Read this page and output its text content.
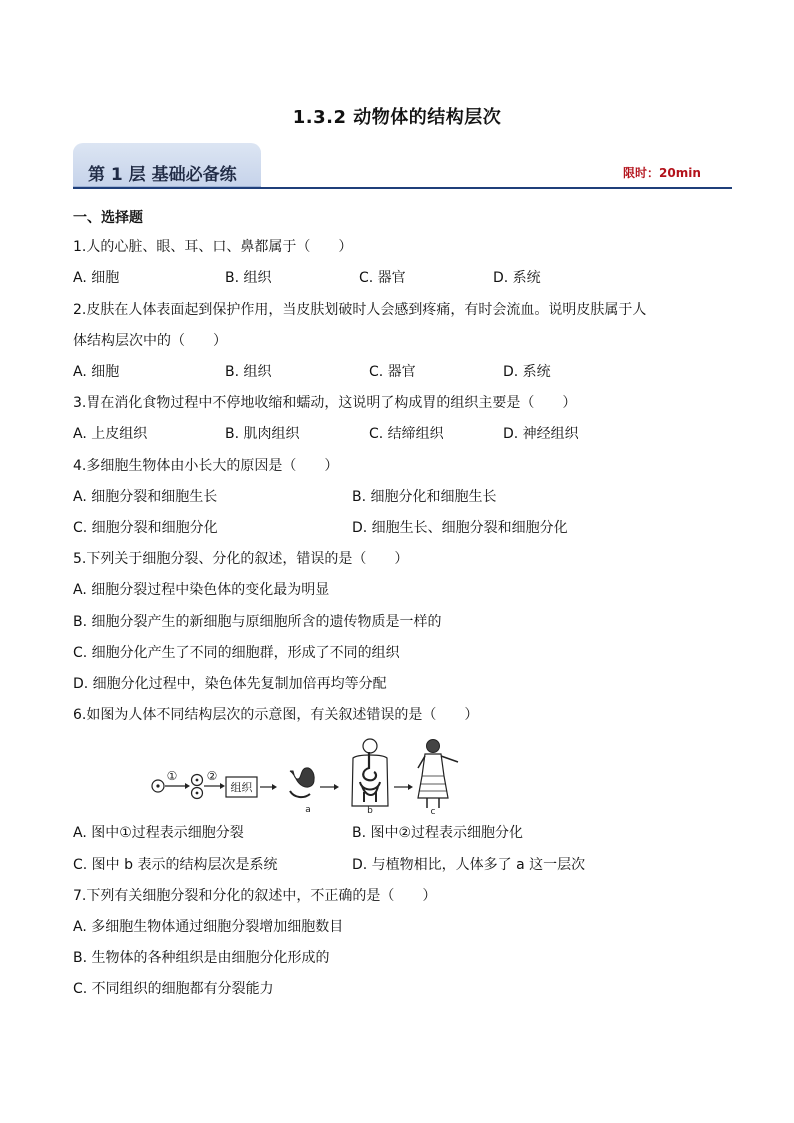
1.3.2 动物体的结构层次
第 1 层 基础必备练	限时：20min
一、选择题
1.人的心脏、眼、耳、口、鼻都属于（　　）
A. 细胞	B. 组织	C. 器官	D. 系统
2.皮肤在人体表面起到保护作用，当皮肤划破时人会感到疼痛，有时会流血。说明皮肤属于人
体结构层次中的（　　）
A. 细胞	B. 组织	C. 器官	D. 系统
3.胃在消化食物过程中不停地收缩和蠕动，这说明了构成胃的组织主要是（　　）
A. 上皮组织	B. 肌肉组织	C. 结缔组织	D. 神经组织
4.多细胞生物体由小长大的原因是（　　）
A. 细胞分裂和细胞生长	B. 细胞分化和细胞生长
C. 细胞分裂和细胞分化	D. 细胞生长、细胞分裂和细胞分化
5.下列关于细胞分裂、分化的叙述，错误的是（　　）
A. 细胞分裂过程中染色体的变化最为明显
B. 细胞分裂产生的新细胞与原细胞所含的遗传物质是一样的
C. 细胞分化产生了不同的细胞群，形成了不同的组织
D. 细胞分化过程中，染色体先复制加倍再均等分配
6.如图为人体不同结构层次的示意图，有关叙述错误的是（　　）
① ②
组织
a	b	c
A. 图中①过程表示细胞分裂	B. 图中②过程表示细胞分化
C. 图中 b 表示的结构层次是系统	D. 与植物相比，人体多了 a 这一层次
7.下列有关细胞分裂和分化的叙述中，不正确的是（　　）
A. 多细胞生物体通过细胞分裂增加细胞数目
B. 生物体的各种组织是由细胞分化形成的
C. 不同组织的细胞都有分裂能力
